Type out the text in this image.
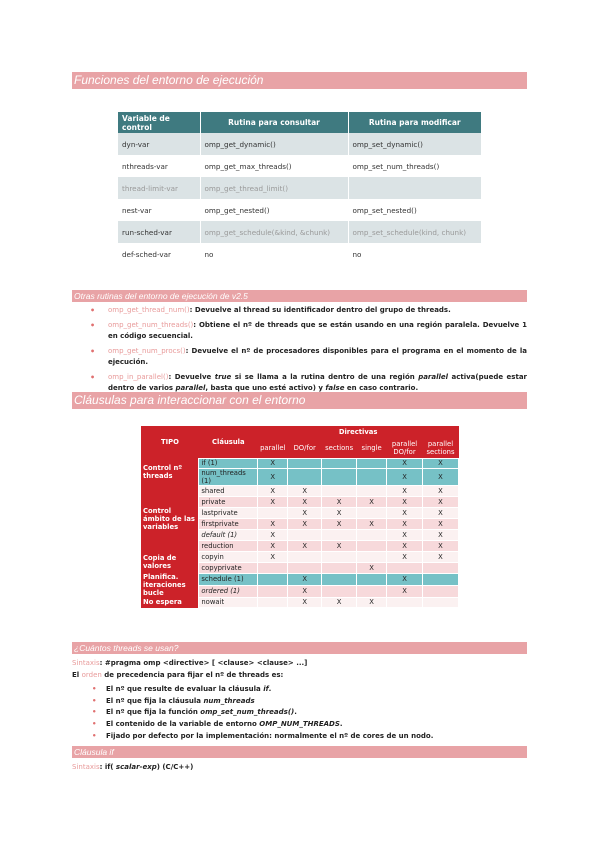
Funciones del entorno de ejecución
Variable de control	Rutina para consultar	Rutina para modificar
dyn-var	omp_get_dynamic()	omp_set_dynamic()
nthreads-var	omp_get_max_threads()	omp_set_num_threads()
thread-limit-var	omp_get_thread_limit()	
nest-var	omp_get_nested()	omp_set_nested()
run-sched-var	omp_get_schedule(&kind, &chunk)	omp_set_schedule(kind, chunk)
def-sched-var	no	no
Otras rutinas del entorno de ejecución de v2.5
• omp_get_thread_num(): Devuelve al thread su identificador dentro del grupo de threads.
• omp_get_num_threads(): Obtiene el nº de threads que se están usando en una región paralela. Devuelve 1 en código secuencial.
• omp_get_num_procs(): Devuelve el nº de procesadores disponibles para el programa en el momento de la ejecución.
• omp_in_parallel(): Devuelve true si se llama a la rutina dentro de una región parallel activa(puede estar dentro de varios parallel, basta que uno esté activo) y false en caso contrario.
Cláusulas para interaccionar con el entorno
TIPO	Cláusula	Directivas					
		parallel	DO/for	sections	single	parallel DO/for	parallel sections
Control nº threads	if (1)	X				X	X
	num_threads (1)	X				X	X
Control ámbito de las variables	shared	X	X			X	X
	private	X	X	X	X	X	X
	lastprivate		X	X		X	X
	firstprivate	X	X	X	X	X	X
	default (1)	X				X	X
	reduction	X	X	X		X	X
Copia de valores	copyin	X				X	X
	copyprivate				X		
Planifica. iteraciones bucle	schedule (1)		X			X	
	ordered (1)		X			X	
No espera	nowait		X	X	X		
¿Cuántos threads se usan?
Sintaxis: #pragma omp <directive> [ <clause> <clause> ...]
El orden de precedencia para fijar el nº de threads es:
• El nº que resulte de evaluar la cláusula if.
• El nº que fija la cláusula num_threads
• El nº que fija la función omp_set_num_threads().
• El contenido de la variable de entorno OMP_NUM_THREADS.
• Fijado por defecto por la implementación: normalmente el nº de cores de un nodo.
Cláusula if
Sintaxis: if( scalar-exp) (C/C++)
